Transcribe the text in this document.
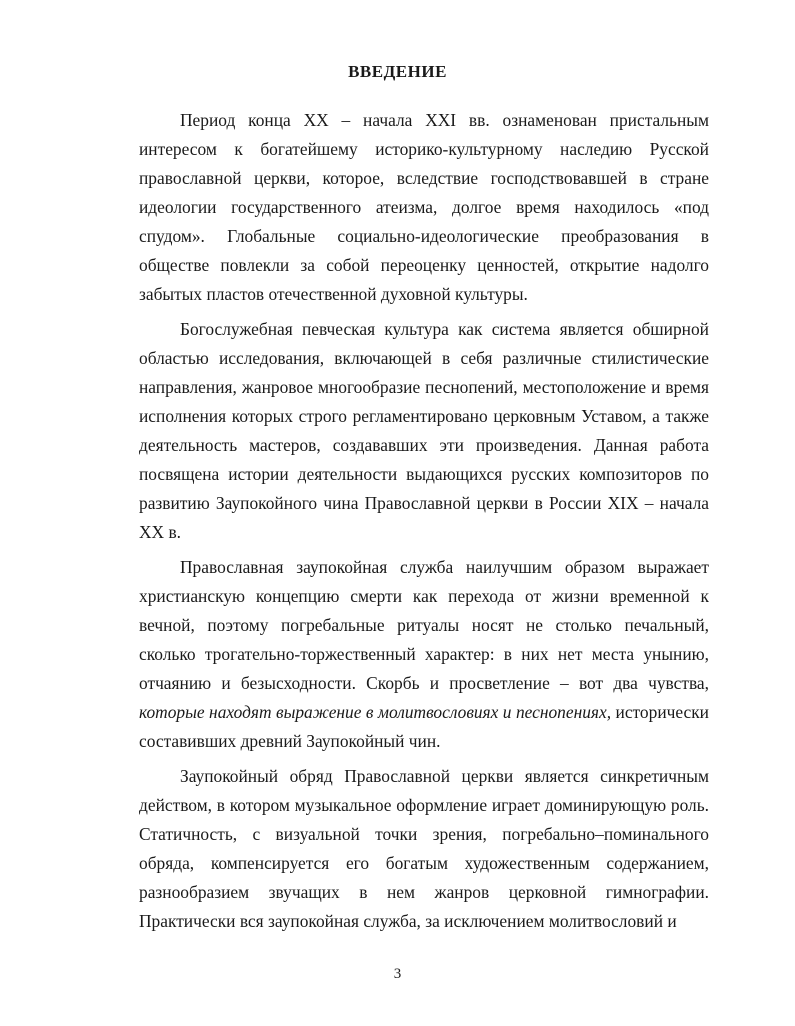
ВВЕДЕНИЕ

Период конца XX – начала XXI вв. ознаменован пристальным интересом к богатейшему историко-культурному наследию Русской православной церкви, которое, вследствие господствовавшей в стране идеологии государственного атеизма, долгое время находилось «под спудом». Глобальные социально-идеологические преобразования в обществе повлекли за собой переоценку ценностей, открытие надолго забытых пластов отечественной духовной культуры.

Богослужебная певческая культура как система является обширной областью исследования, включающей в себя различные стилистические направления, жанровое многообразие песнопений, местоположение и время исполнения которых строго регламентировано церковным Уставом, а также деятельность мастеров, создававших эти произведения. Данная работа посвящена истории деятельности выдающихся русских композиторов по развитию Заупокойного чина Православной церкви в России XIX – начала XX в.

Православная заупокойная служба наилучшим образом выражает христианскую концепцию смерти как перехода от жизни временной к вечной, поэтому погребальные ритуалы носят не столько печальный, сколько трогательно-торжественный характер: в них нет места унынию, отчаянию и безысходности. Скорбь и просветление – вот два чувства, которые находят выражение в молитвословиях и песнопениях, исторически составивших древний Заупокойный чин.

Заупокойный обряд Православной церкви является синкретичным действом, в котором музыкальное оформление играет доминирующую роль. Статичность, с визуальной точки зрения, погребально–поминального обряда, компенсируется его богатым художественным содержанием, разнообразием звучащих в нем жанров церковной гимнографии. Практически вся заупокойная служба, за исключением молитвословий и

3
